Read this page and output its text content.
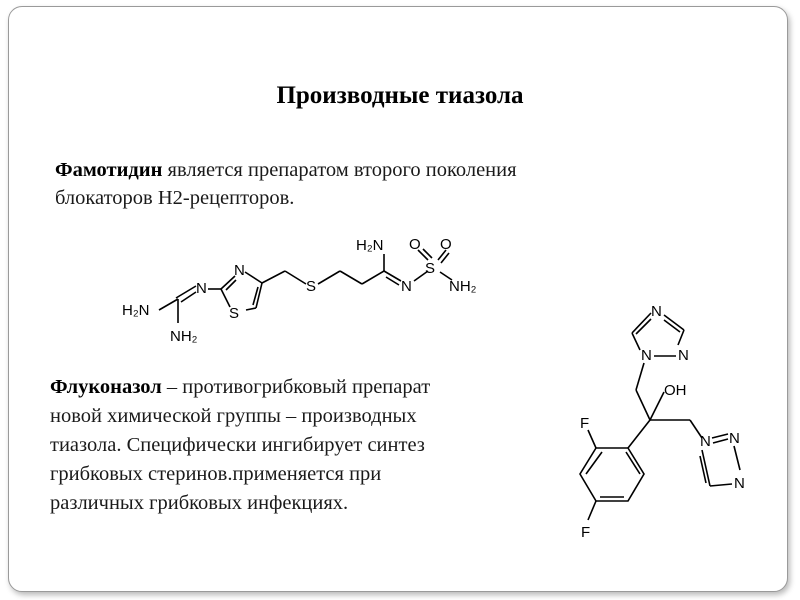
Производные тиазола
Фамотидин является препаратом второго поколения
блокаторов H2-рецепторов.
Флуконазол – противогрибковый препарат
новой химической группы – производных
тиазола. Специфически ингибирует синтез
грибковых стеринов.применяется при
различных грибковых инфекциях.
H₂N
N
NH₂
N
S
S
H₂N
N
S
O O
NH₂
N
N
N
OH
N N
N
F
F
